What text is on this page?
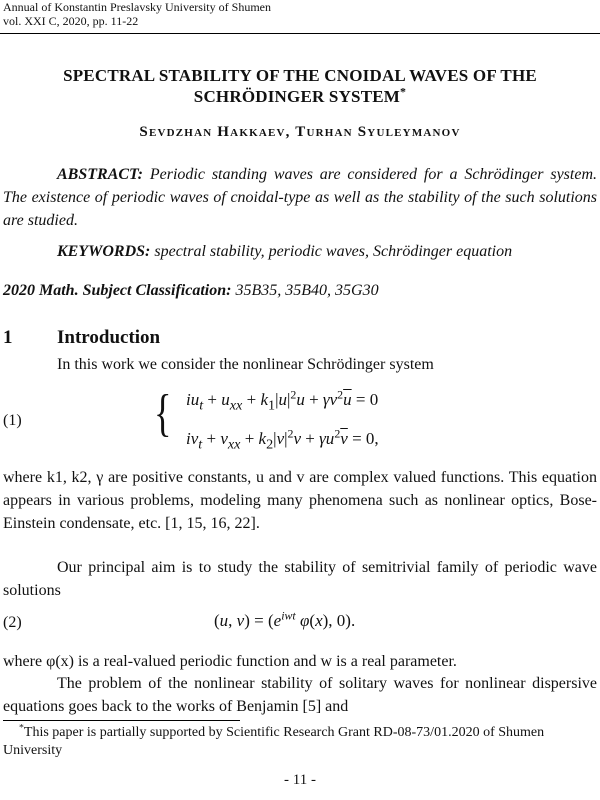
Annual of Konstantin Preslavsky University of Shumen
vol. XXI C, 2020, pp. 11-22
SPECTRAL STABILITY OF THE CNOIDAL WAVES OF THE
SCHRÖDINGER SYSTEM*
Sevdzhan Hakkaev, Turhan Syuleymanov
ABSTRACT: Periodic standing waves are considered for a Schrödinger system. The existence of periodic waves of cnoidal-type as well as the stability of the such solutions are studied.
KEYWORDS: spectral stability, periodic waves, Schrödinger equation
2020 Math. Subject Classification: 35B35, 35B40, 35G30
1 Introduction
In this work we consider the nonlinear Schrödinger system
(1)	{ $iu_t + u_{xx} + k_1|u|^2u + \gamma v^2\overline{u} = 0$
$iv_t + v_{xx} + k_2|v|^2v + \gamma u^2\overline{v} = 0$,
where k1, k2, γ are positive constants, u and v are complex valued functions. This equation appears in various problems, modeling many phenomena such as nonlinear optics, Bose-Einstein condensate, etc. [1, 15, 16, 22].
Our principal aim is to study the stability of semitrivial family of periodic wave solutions
(2)	(u, $v) = (e^{iwt}$ φ(x), 0).
where φ(x) is a real-valued periodic function and w is a real parameter.
The problem of the nonlinear stability of solitary waves for nonlinear dispersive equations goes back to the works of Benjamin [5] and
*This paper is partially supported by Scientific Research Grant RD-08-73/01.2020 of Shumen University
- 11 -
